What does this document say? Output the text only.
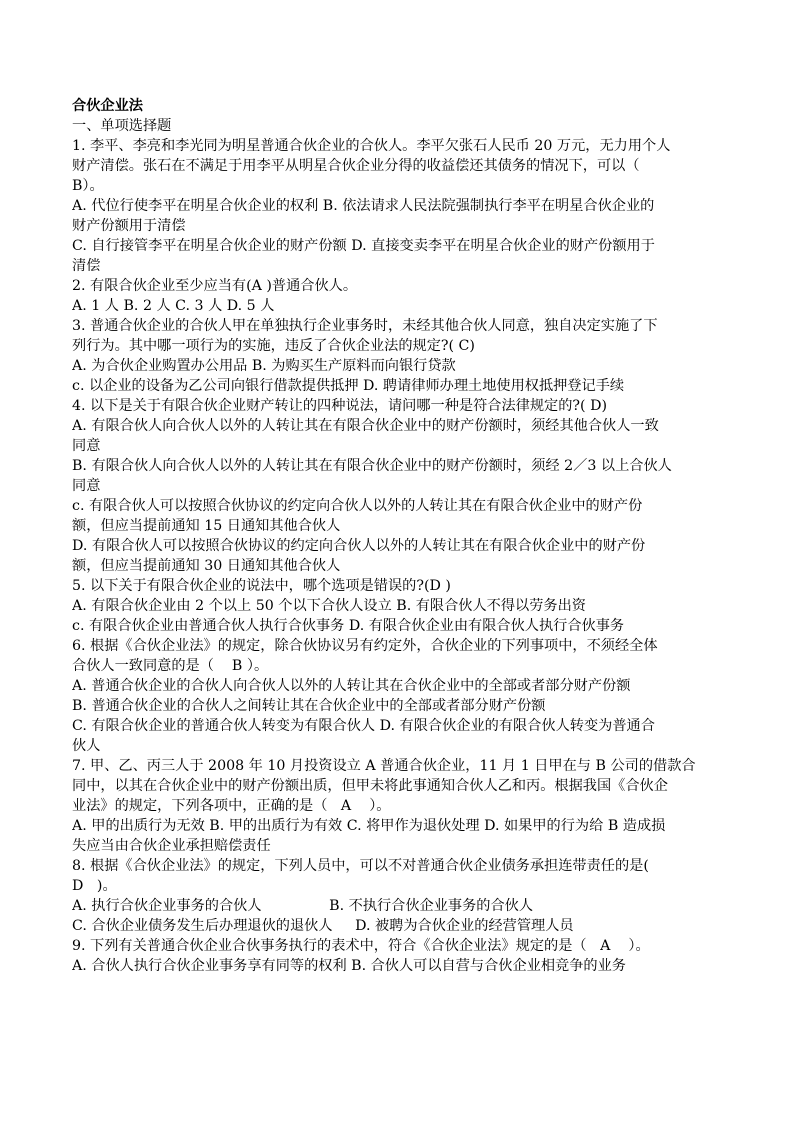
合伙企业法
一、单项选择题
1. 李平、李亮和李光同为明星普通合伙企业的合伙人。李平欠张石人民币 20 万元，无力用个人
财产清偿。张石在不满足于用李平从明星合伙企业分得的收益偿还其债务的情况下，可以（
B）。
A. 代位行使李平在明星合伙企业的权利 B. 依法请求人民法院强制执行李平在明星合伙企业的
财产份额用于清偿
C. 自行接管李平在明星合伙企业的财产份额 D. 直接变卖李平在明星合伙企业的财产份额用于
清偿
2. 有限合伙企业至少应当有(A )普通合伙人。
A. 1 人 B. 2 人 C. 3 人 D. 5 人
3. 普通合伙企业的合伙人甲在单独执行企业事务时，未经其他合伙人同意，独自决定实施了下
列行为。其中哪一项行为的实施，违反了合伙企业法的规定?( C)
A. 为合伙企业购置办公用品 B. 为购买生产原料而向银行贷款
c. 以企业的设备为乙公司向银行借款提供抵押 D. 聘请律师办理土地使用权抵押登记手续
4. 以下是关于有限合伙企业财产转让的四种说法，请问哪一种是符合法律规定的?( D)
A. 有限合伙人向合伙人以外的人转让其在有限合伙企业中的财产份额时，须经其他合伙人一致
同意
B. 有限合伙人向合伙人以外的人转让其在有限合伙企业中的财产份额时，须经 2／3 以上合伙人
同意
c. 有限合伙人可以按照合伙协议的约定向合伙人以外的人转让其在有限合伙企业中的财产份
额，但应当提前通知 15 日通知其他合伙人
D. 有限合伙人可以按照合伙协议的约定向合伙人以外的人转让其在有限合伙企业中的财产份
额，但应当提前通知 30 日通知其他合伙人
5. 以下关于有限合伙企业的说法中，哪个选项是错误的?(D )
A. 有限合伙企业由 2 个以上 50 个以下合伙人设立 B. 有限合伙人不得以劳务出资
c. 有限合伙企业由普通合伙人执行合伙事务 D. 有限合伙企业由有限合伙人执行合伙事务
6. 根据《合伙企业法》的规定，除合伙协议另有约定外，合伙企业的下列事项中，不须经全体
合伙人一致同意的是（    B ）。
A. 普通合伙企业的合伙人向合伙人以外的人转让其在合伙企业中的全部或者部分财产份额
B. 普通合伙企业的合伙人之间转让其在合伙企业中的全部或者部分财产份额
C. 有限合伙企业的普通合伙人转变为有限合伙人 D. 有限合伙企业的有限合伙人转变为普通合
伙人
7. 甲、乙、丙三人于 2008 年 10 月投资设立 A 普通合伙企业，11 月 1 日甲在与 B 公司的借款合
同中，以其在合伙企业中的财产份额出质，但甲未将此事通知合伙人乙和丙。根据我国《合伙企
业法》的规定，下列各项中，正确的是（   A    ）。
A. 甲的出质行为无效 B. 甲的出质行为有效 C. 将甲作为退伙处理 D. 如果甲的行为给 B 造成损
失应当由合伙企业承担赔偿责任
8. 根据《合伙企业法》的规定，下列人员中，可以不对普通合伙企业债务承担连带责任的是(
D   )。
A. 执行合伙企业事务的合伙人               B. 不执行合伙企业事务的合伙人
C. 合伙企业债务发生后办理退伙的退伙人     D. 被聘为合伙企业的经营管理人员
9. 下列有关普通合伙企业合伙事务执行的表术中，符合《合伙企业法》规定的是（   A    ）。
A. 合伙人执行合伙企业事务享有同等的权利 B. 合伙人可以自营与合伙企业相竞争的业务
